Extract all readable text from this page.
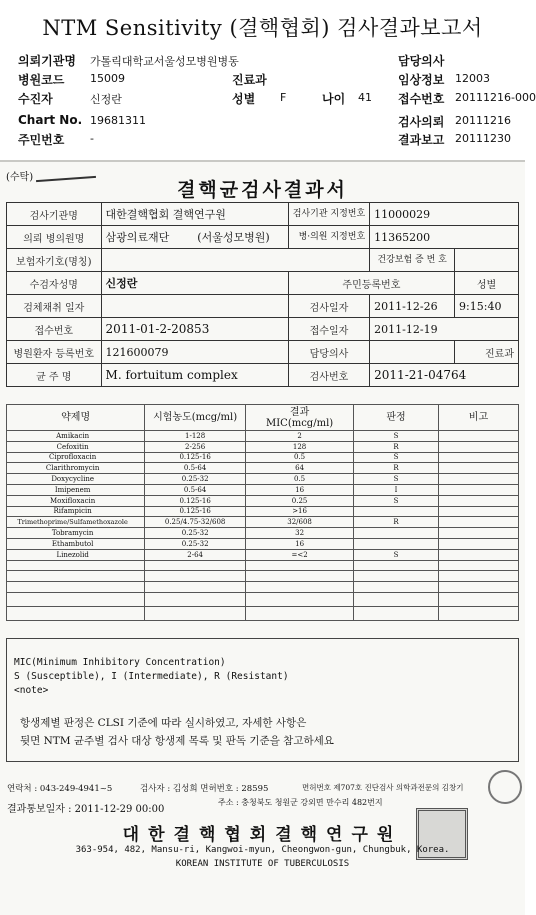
NTM Sensitivity (결핵협회) 검사결과보고서
의뢰기관명 가톨릭대학교서울성모병원병동	담당의사
병원코드 15009	진료과	임상정보 12003
수진자	신정란	성별 F	나이 41 접수번호 20111216-000
Chart No. 19681311	검사의뢰 20111216
주민번호 -	결과보고 20111230
(수탁)
결핵균검사결과서
검사기관명	대한결핵협회 결핵연구원	검사기관 지정번호	11000029	
의뢰 병의원명	삼광의료재단 (서울성모병원)	병·의원 지정번호	11365200	
보험자기호(명칭)			건강보험 증 번 호	
수검자성명	신정란	주민등록번호		성별
검체채취 일자		검사일자	2011-12-26	9:15:40
접수번호	2011-01-2-20853	접수일자	2011-12-19	
병원환자 등록번호	121600079	담당의사		진료과
균 주 명	M. fortuitum complex	검사번호	2011-21-04764	
약제명	시험농도(mcg/ml)	결과 MIC(mcg/ml)	판정	비고
Amikacin	1-128	2	S	
Cefoxitin	2-256	128	R	
Ciprofloxacin	0.125-16	0.5	S	
Clarithromycin	0.5-64	64	R	
Doxycycline	0.25-32	0.5	S	
Imipenem	0.5-64	16	I	
Moxifloxacin	0.125-16	0.25	S	
Rifampicin	0.125-16	>16		
Trimethoprime/Sulfamethoxazole	0.25/4.75-32/608	32/608	R	
Tobramycin	0.25-32	32		
Ethambutol	0.25-32	16		
Linezolid	2-64	=<2	S	

MIC(Minimum Inhibitory Concentration)
S (Susceptible), I (Intermediate), R (Resistant)
<note>
항생제별 판정은 CLSI 기준에 따라 실시하였고, 자세한 사항은
뒷면 NTM 균주별 검사 대상 항생제 목록 및 판독 기준을 참고하세요
연락처 : 043-249-4941~5	검사자 : 김성희 면허번호 : 28595	면허번호 제707호 진단검사 의학과전문의 김창기
결과통보일자 : 2011-12-29 00:00
주소 : 충청북도 청원군 강외면 만수리 482번지
대한결핵협회결핵연구원
363-954, 482, Mansu-ri, Kangwoi-myun, Cheongwon-gun, Chungbuk, Korea.
KOREAN INSTITUTE OF TUBERCULOSIS
